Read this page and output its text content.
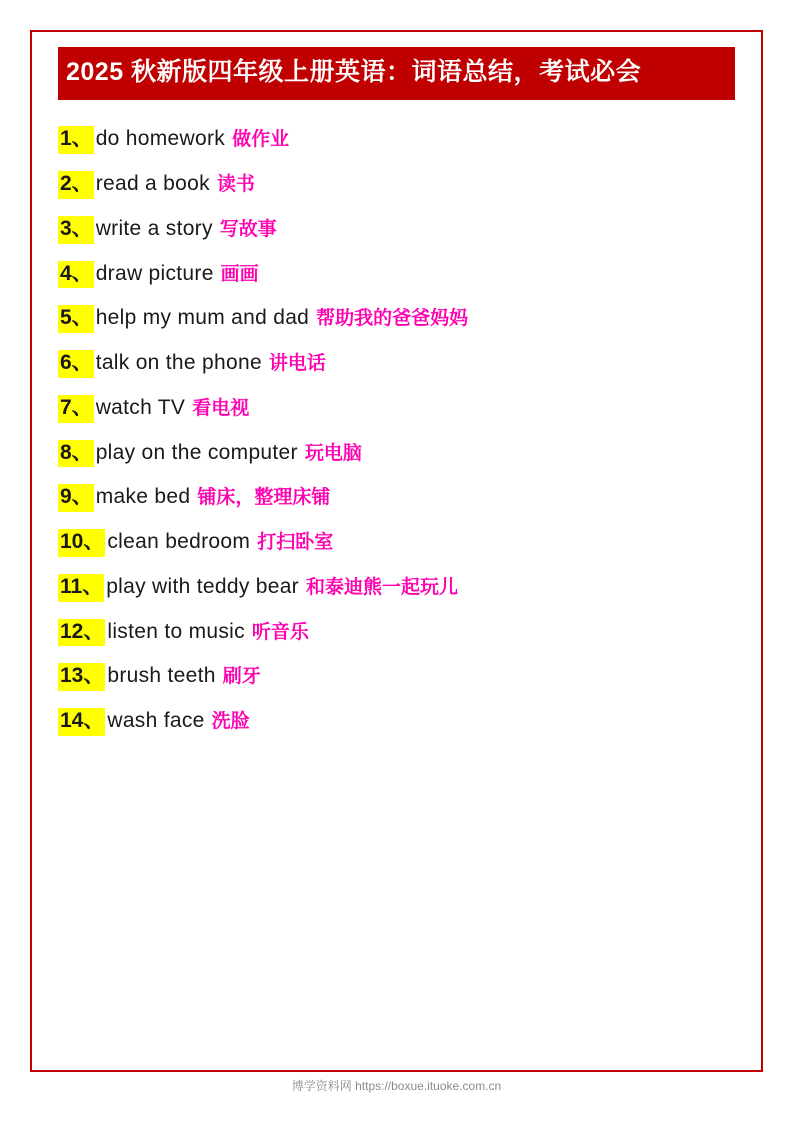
2025 秋新版四年级上册英语：词语总结，考试必会
1、 do homework 做作业
2、 read a book 读书
3、 write a story 写故事
4、 draw picture 画画
5、 help my mum and dad 帮助我的爸爸妈妈
6、 talk on the phone 讲电话
7、 watch TV 看电视
8、 play on the computer 玩电脑
9、 make bed 铺床，整理床铺
10、 clean bedroom 打扫卧室
11、 play with teddy bear 和泰迪熊一起玩儿
12、 listen to music 听音乐
13、 brush teeth 刷牙
14、 wash face 洗脸
博学资料网 https://boxue.ituoke.com.cn
